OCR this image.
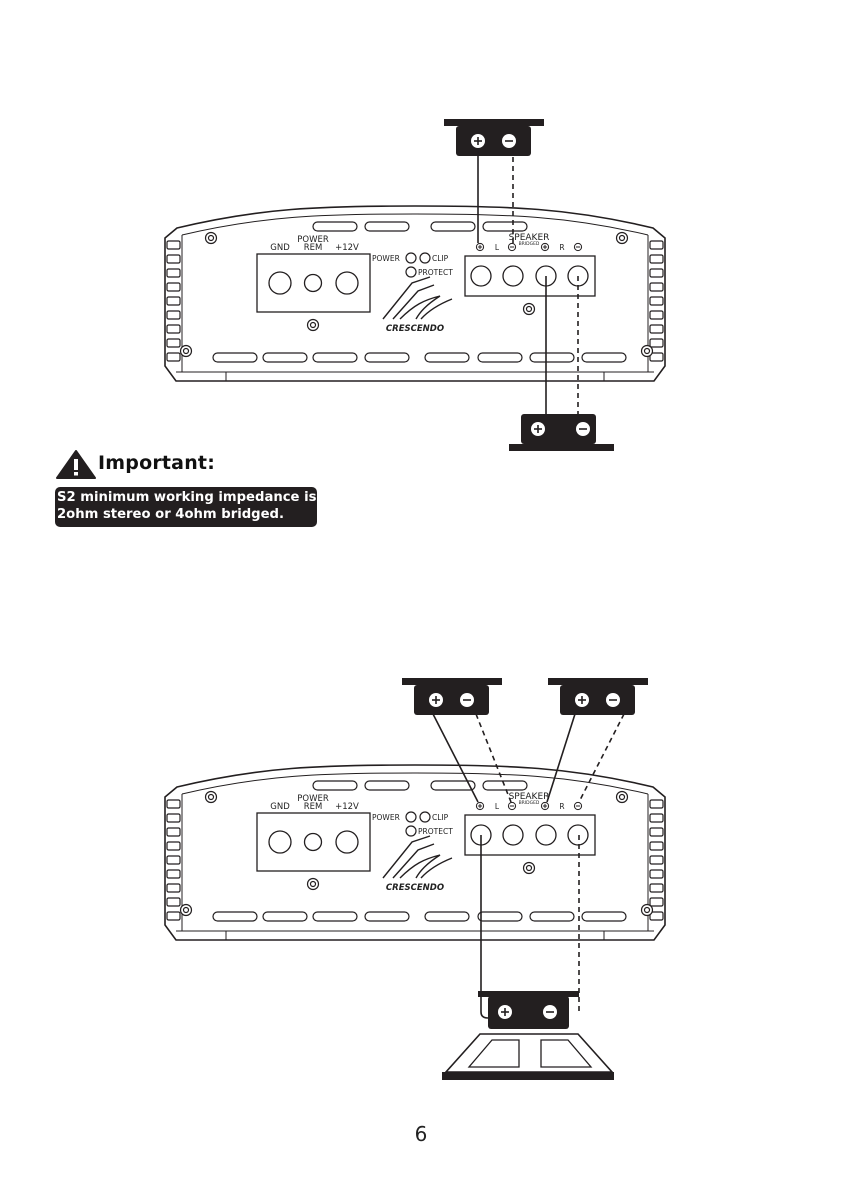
POWER
GND REM +12V
POWER	CLIP
PROTECT
SPEAKER
BRIDGED
L	R
CRESCENDO
POWER
GND REM +12V
POWER	CLIP
PROTECT
SPEAKER
BRIDGED
L	R
CRESCENDO
Important:
S2 minimum working impedance is
2ohm stereo or 4ohm bridged.
6
